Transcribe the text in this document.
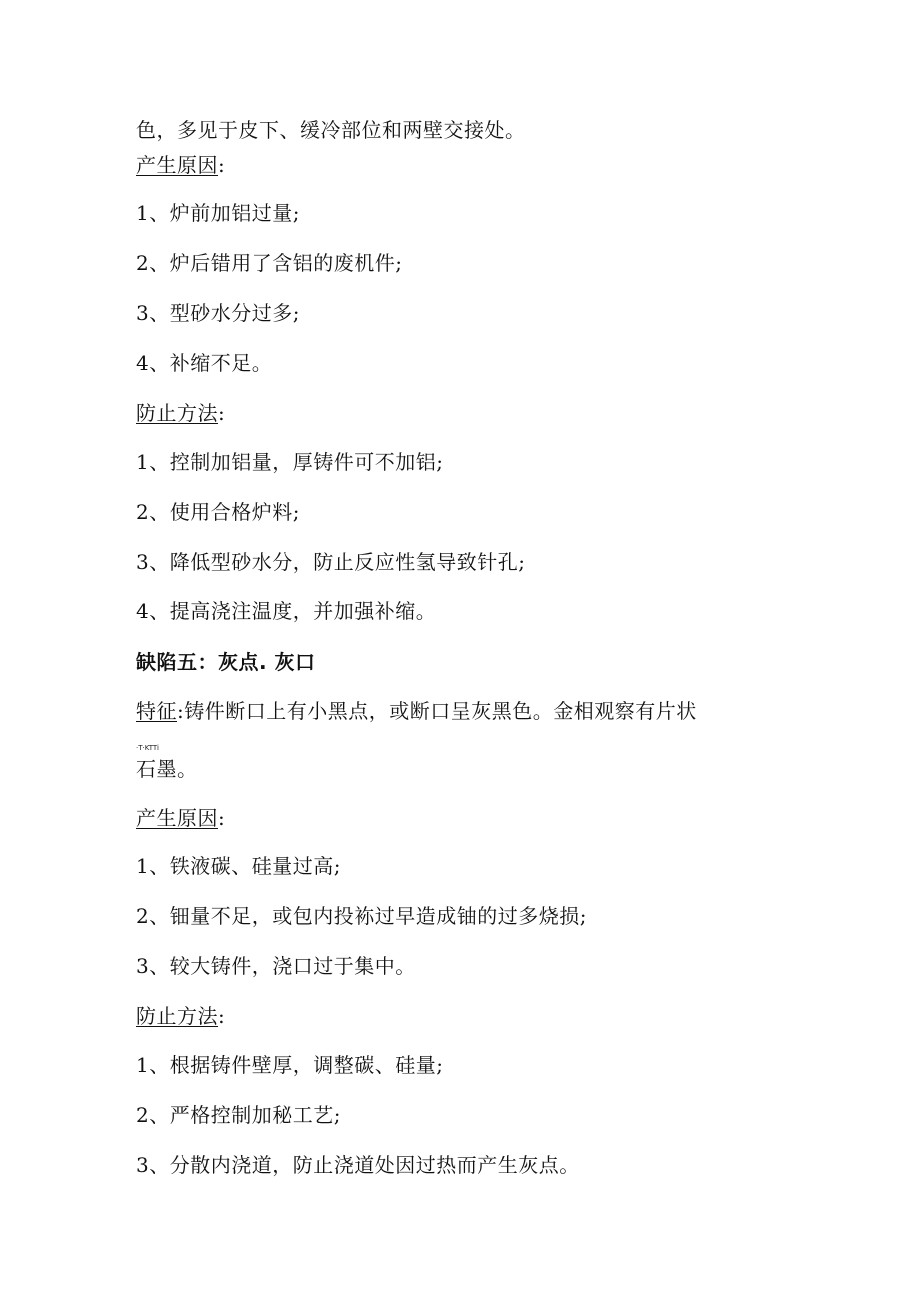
色，多见于皮下、缓冷部位和两壁交接处。
产生原因:
1、炉前加铝过量;
2、炉后错用了含铝的废机件;
3、型砂水分过多;
4、补缩不足。
防止方法:
1、控制加铝量，厚铸件可不加铝;
2、使用合格炉料;
3、降低型砂水分，防止反应性氢导致针孔;
4、提高浇注温度，并加强补缩。
缺陷五：灰点. 灰口
特征:铸件断口上有小黑点，或断口呈灰黑色。金相观察有片状
·T·KTTi
石墨。
产生原因:
1、铁液碳、硅量过高;
2、钿量不足，或包内投袮过早造成铀的过多烧损;
3、较大铸件，浇口过于集中。
防止方法:
1、根据铸件壁厚，调整碳、硅量;
2、严格控制加秘工艺;
3、分散内浇道，防止浇道处因过热而产生灰点。
